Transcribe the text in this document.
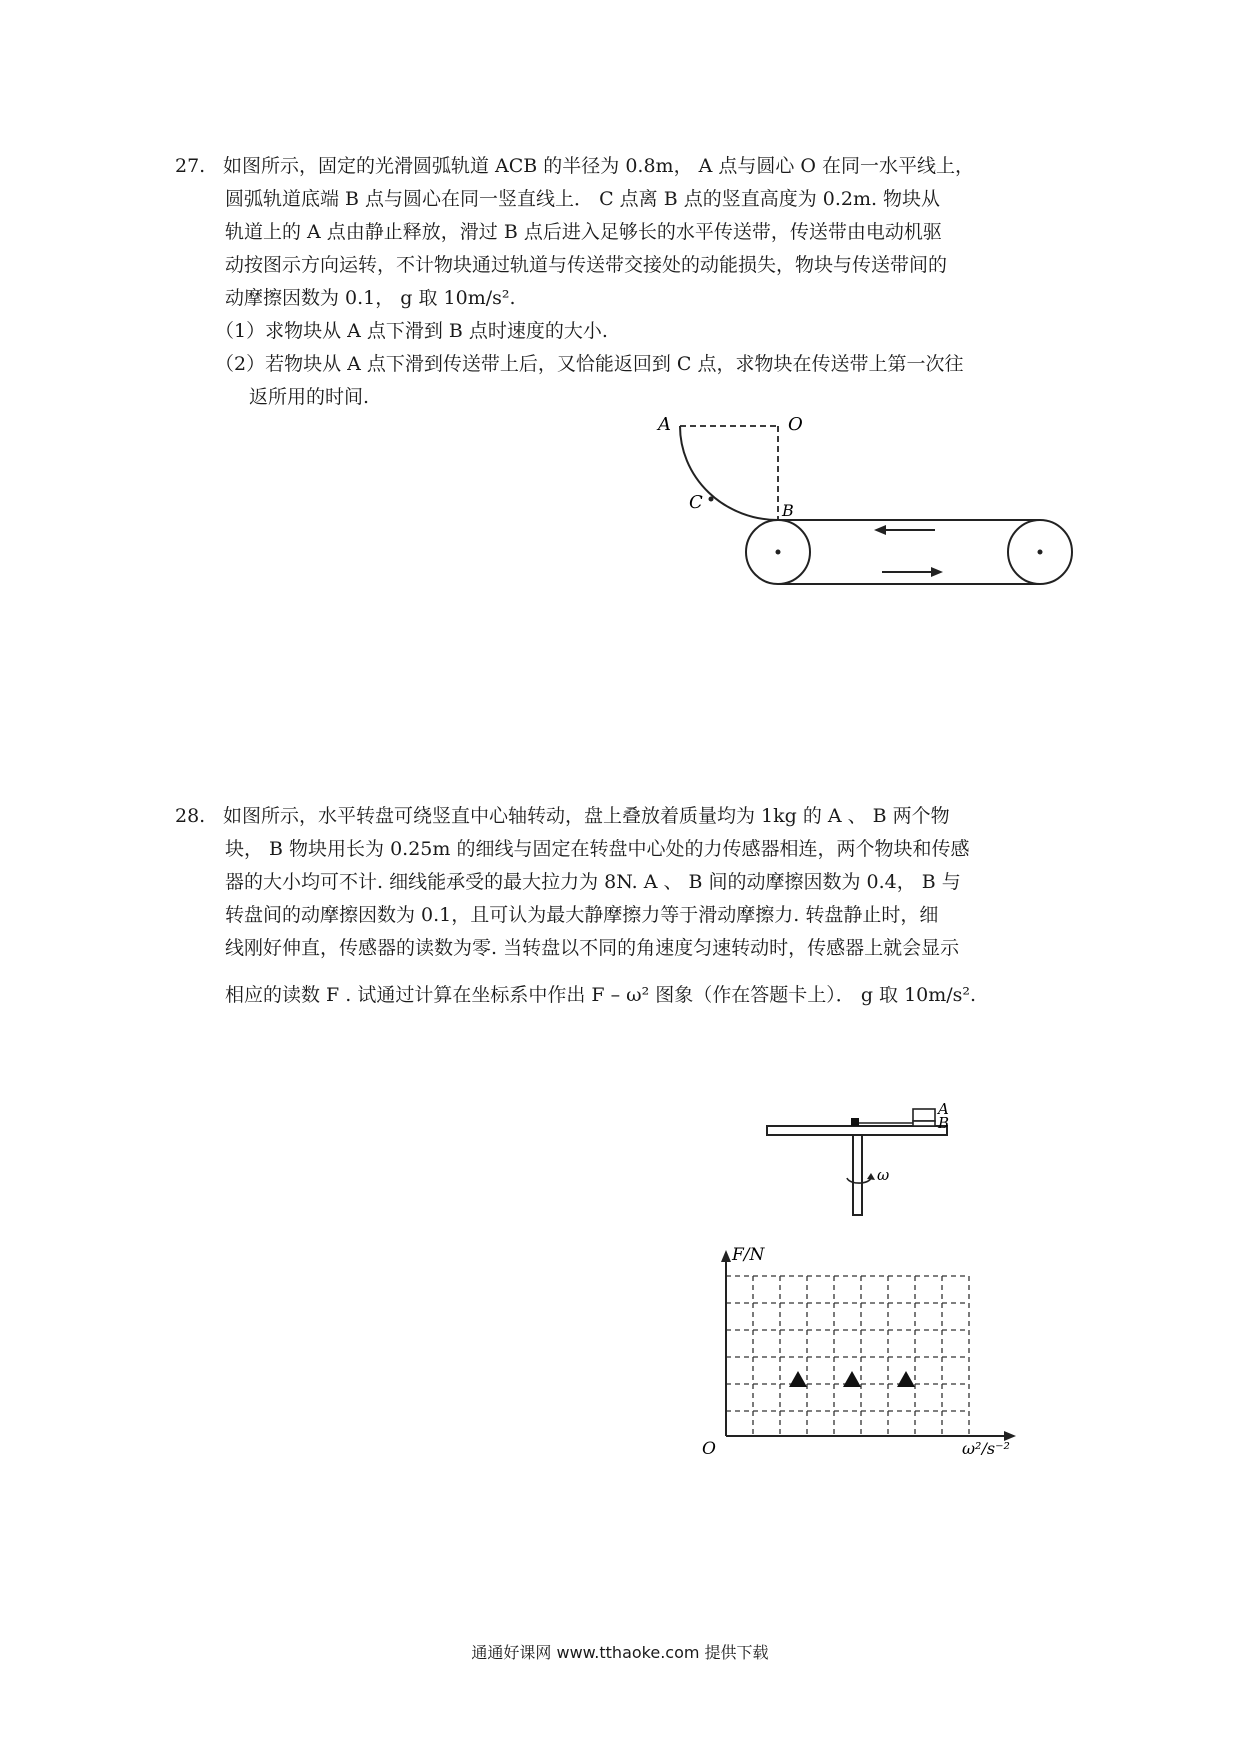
27. 如图所示，固定的光滑圆弧轨道 ACB 的半径为 0.8m， A 点与圆心 O 在同一水平线上，
圆弧轨道底端 B 点与圆心在同一竖直线上． C 点离 B 点的竖直高度为 0.2m. 物块从
轨道上的 A 点由静止释放，滑过 B 点后进入足够长的水平传送带，传送带由电动机驱
动按图示方向运转，不计物块通过轨道与传送带交接处的动能损失，物块与传送带间的
动摩擦因数为 0.1， g 取 10m/s².
（1）求物块从 A 点下滑到 B 点时速度的大小.
（2）若物块从 A 点下滑到传送带上后，又恰能返回到 C 点，求物块在传送带上第一次往
返所用的时间.
A	O
C	B
28. 如图所示，水平转盘可绕竖直中心轴转动，盘上叠放着质量均为 1kg 的 A 、 B 两个物
块， B 物块用长为 0.25m 的细线与固定在转盘中心处的力传感器相连，两个物块和传感
器的大小均可不计. 细线能承受的最大拉力为 8N. A 、 B 间的动摩擦因数为 0.4， B 与
转盘间的动摩擦因数为 0.1，且可认为最大静摩擦力等于滑动摩擦力. 转盘静止时，细
线刚好伸直，传感器的读数为零. 当转盘以不同的角速度匀速转动时，传感器上就会显示
相应的读数 F . 试通过计算在坐标系中作出 F – ω² 图象（作在答题卡上）． g 取 10m/s².
A
B
ω
F/N
O	ω²/s⁻²
通通好课网 www.tthaoke.com 提供下载
